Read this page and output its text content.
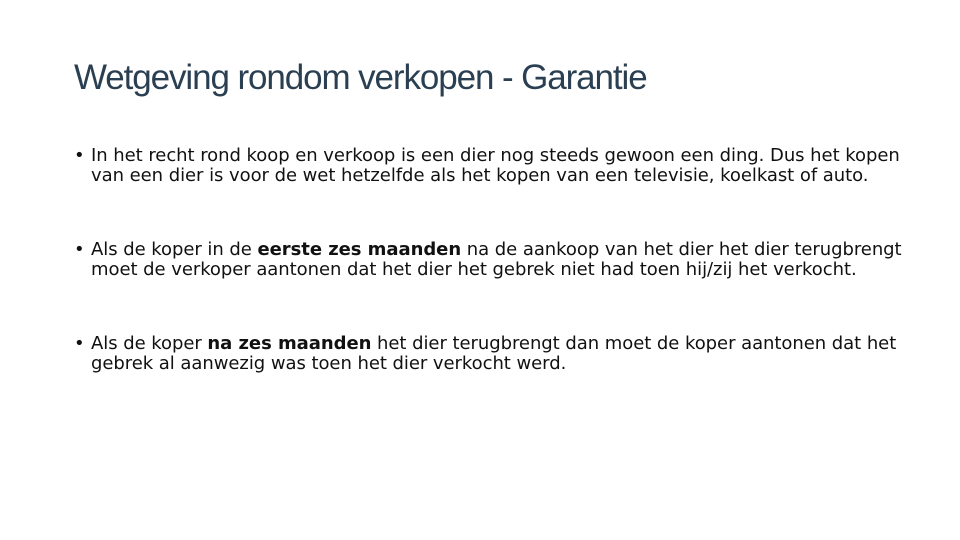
Wetgeving rondom verkopen - Garantie
• In het recht rond koop en verkoop is een dier nog steeds gewoon een ding. Dus het kopen van een dier is voor de wet hetzelfde als het kopen van een televisie, koelkast of auto.
• Als de koper in de eerste zes maanden na de aankoop van het dier het dier terugbrengt moet de verkoper aantonen dat het dier het gebrek niet had toen hij/zij het verkocht.
• Als de koper na zes maanden het dier terugbrengt dan moet de koper aantonen dat het gebrek al aanwezig was toen het dier verkocht werd.
